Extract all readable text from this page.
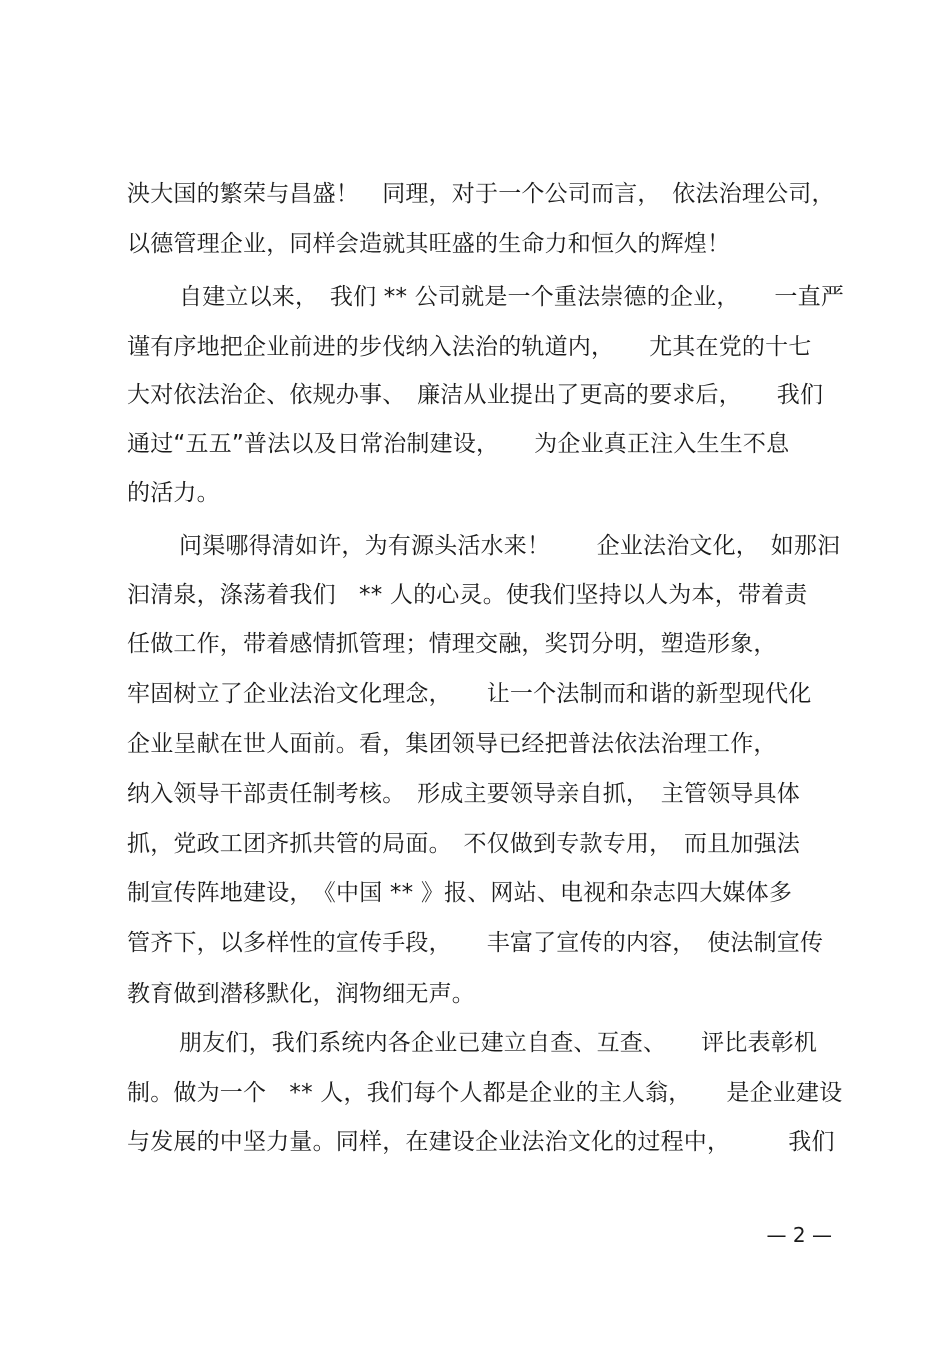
泱大国的繁荣与昌盛！　同理，对于一个公司而言，　依法治理公司，
以德管理企业，同样会造就其旺盛的生命力和恒久的辉煌！
自建立以来，　我们 ** 公司就是一个重法崇德的企业，　　一直严
谨有序地把企业前进的步伐纳入法治的轨道内，　　尤其在党的十七
大对依法治企、依规办事、　廉洁从业提出了更高的要求后，　　我们
通过“五五”普法以及日常治制建设，　　为企业真正注入生生不息
的活力。
问渠哪得清如许，为有源头活水来！　　企业法治文化，　如那汩
汩清泉，涤荡着我们　** 人的心灵。使我们坚持以人为本，带着责
任做工作，带着感情抓管理；情理交融，奖罚分明，塑造形象，
牢固树立了企业法治文化理念，　　让一个法制而和谐的新型现代化
企业呈献在世人面前。看，集团领导已经把普法依法治理工作，
纳入领导干部责任制考核。　形成主要领导亲自抓，　主管领导具体
抓，党政工团齐抓共管的局面。　不仅做到专款专用，　而且加强法
制宣传阵地建设，　《中国 ** 》报、网站、电视和杂志四大媒体多
管齐下，以多样性的宣传手段，　　丰富了宣传的内容，　使法制宣传
教育做到潜移默化，润物细无声。
朋友们，我们系统内各企业已建立自查、互查、　　评比表彰机
制。做为一个　** 人，我们每个人都是企业的主人翁，　　是企业建设
与发展的中坚力量。同样，在建设企业法治文化的过程中，　　　我们
— 2 —
